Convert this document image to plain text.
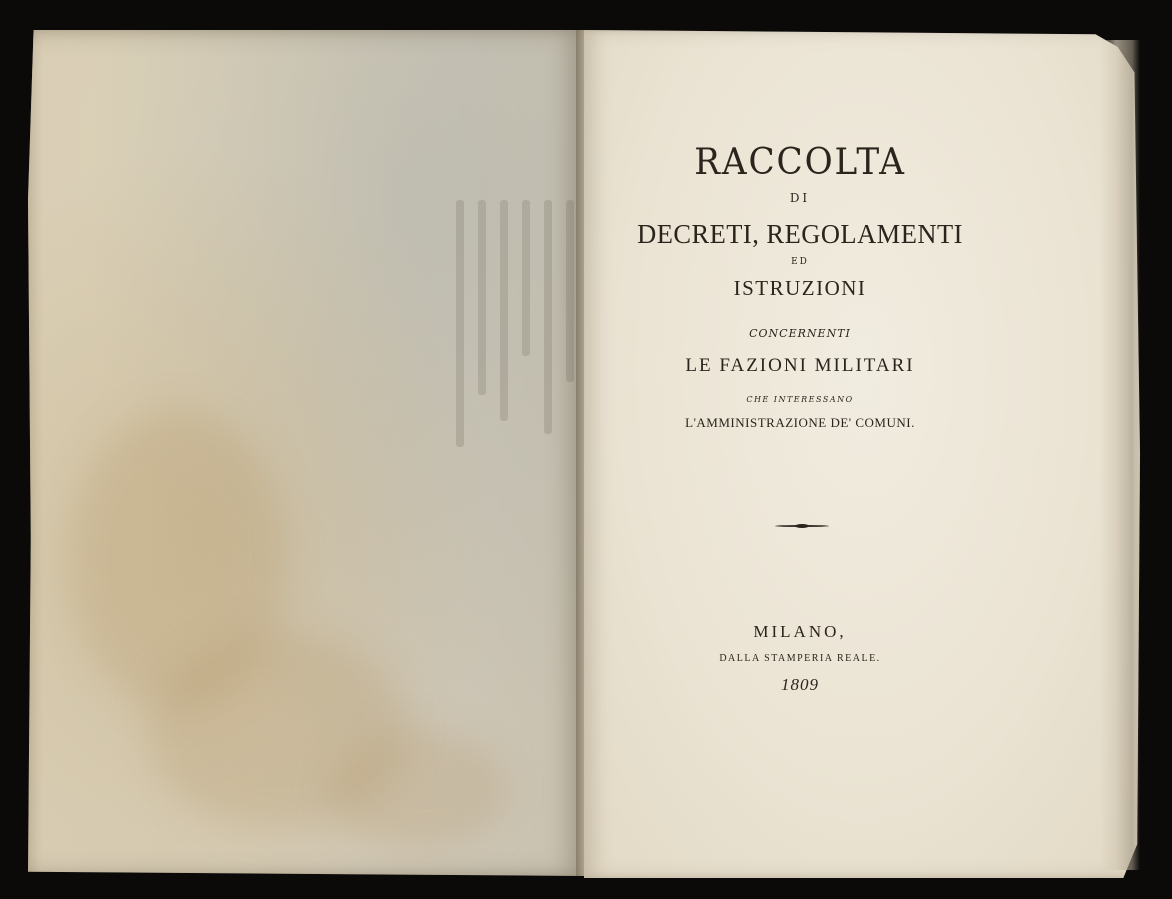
RACCOLTA
DI
DECRETI, REGOLAMENTI
ED
ISTRUZIONI
CONCERNENTI
LE FAZIONI MILITARI
CHE INTERESSANO
L'AMMINISTRAZIONE DE' COMUNI.
MILANO,
DALLA STAMPERIA REALE.
1809
